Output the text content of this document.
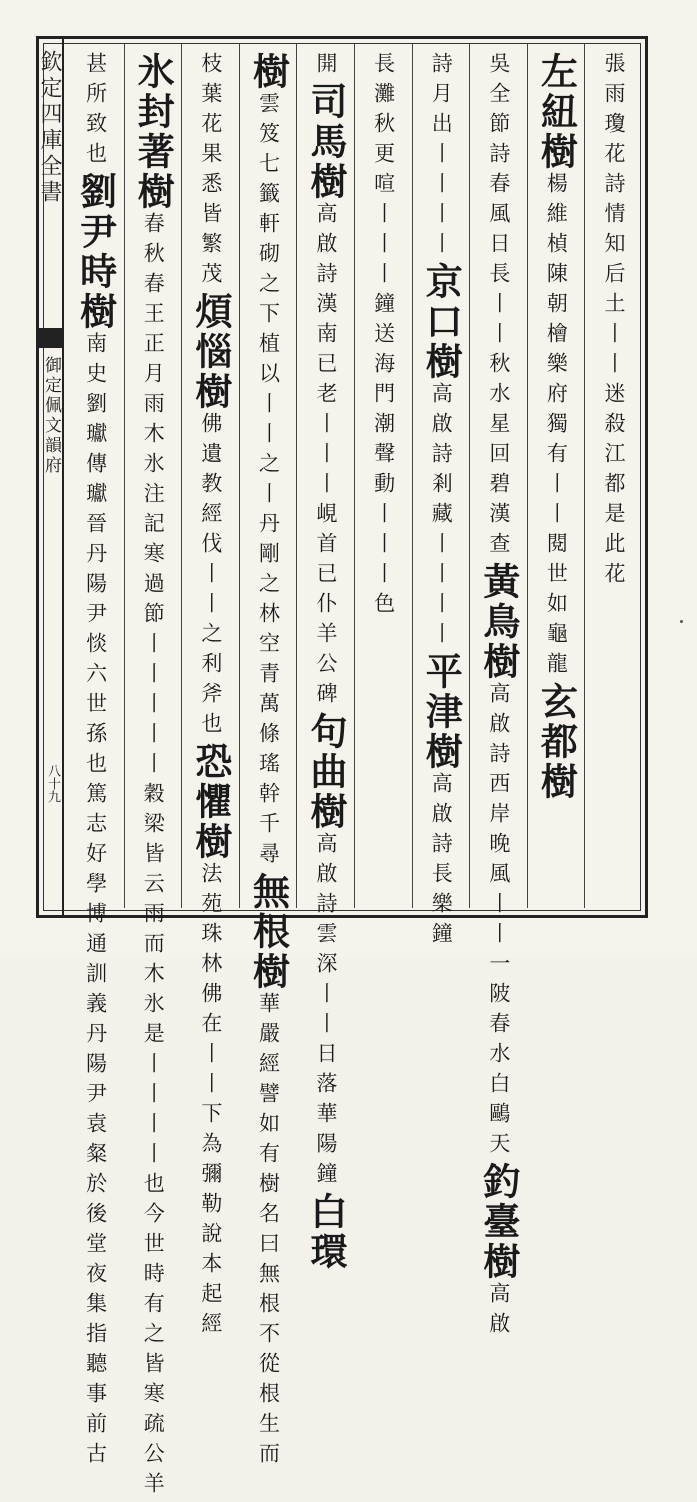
欽定四庫全書
御定佩文韻府
八十九
張雨瓊花詩情知后土丨丨迷殺江都是此花
左紐樹楊維楨陳朝檜樂府獨有丨丨閱世如龜龍玄都樹
吳全節詩春風日長丨丨秋水星回碧漢查黃鳥樹高啟詩西岸晚風丨丨一陂春水白鷗天釣臺樹高啟
詩月出丨丨丨丨京口樹高啟詩剎藏丨丨丨丨平津樹高啟詩長樂鐘
長灘秋更喧丨丨丨鐘送海門潮聲動丨丨丨色
開司馬樹高啟詩漢南已老丨丨丨峴首已仆羊公碑句曲樹高啟詩雲深丨丨日落華陽鐘白環
樹雲笈七籤軒砌之下植以丨丨之丨丹剛之林空青萬條瑤幹千尋無根樹華嚴經譬如有樹名曰無根不從根生而
枝葉花果悉皆繁茂煩惱樹佛遺教經伐丨丨之利斧也恐懼樹法苑珠林佛在丨丨下為彌勒說本起經
氷封著樹春秋春王正月雨木氷注記寒過節丨丨丨丨丨穀梁皆云雨而木氷是丨丨丨丨也今世時有之皆寒疏公羊
甚所致也劉尹時樹南史劉瓛傳瓛晉丹陽尹惔六世孫也篤志好學博通訓義丹陽尹袁粲於後堂夜集指聽事前古
